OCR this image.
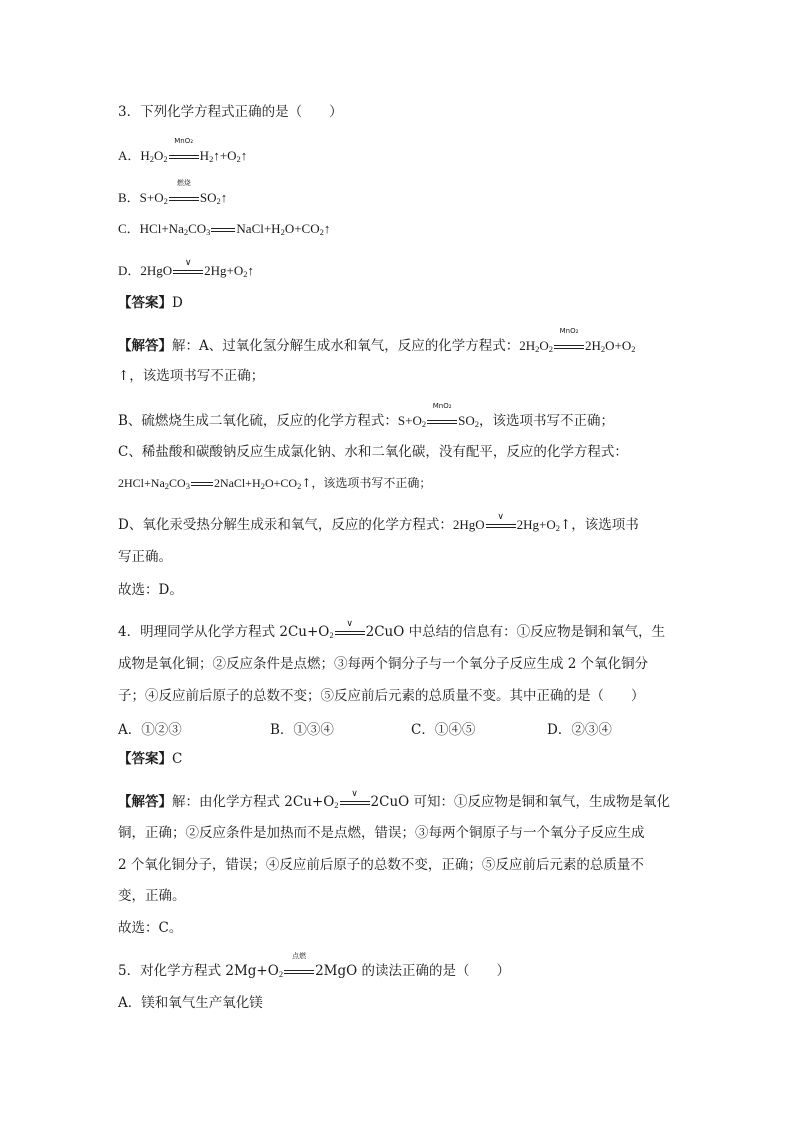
3．下列化学方程式正确的是（　　）
A．$H_2O_2$
MnO₂
$H_2↑+O_2↑$
B．$S+O_2$
燃烧
$SO_2↑$
C．$HCl+Na_2CO_3$ $NaCl+H_2O+CO_2↑$
D．2HgO	∨ $2Hg+O_2↑$
【答案】D
【解答】解：A、过氧化氢分解生成水和氧气，反应的化学方程式：$2H_2O_2$
MnO₂
$2H_2O+O_2$
↑，该选项书写不正确；
B、硫燃烧生成二氧化硫，反应的化学方程式：$S+O_2$
MnO₂
$SO_2$，该选项书写不正确；
C、稀盐酸和碳酸钠反应生成氯化钠、水和二氧化碳，没有配平，反应的化学方程式：
$2HCl+Na_2CO_3$ $2NaCl+H_2O+CO_2↑$，该选项书写不正确；
D、氧化汞受热分解生成汞和氧气，反应的化学方程式：2HgO	∨ $2Hg+O_2↑$，该选项书
写正确。
故选：D。
4．明理同学从化学方程式 $2Cu+O_2$
∨ 2CuO 中总结的信息有：①反应物是铜和氧气，生
成物是氧化铜；②反应条件是点燃；③每两个铜分子与一个氧分子反应生成 2 个氧化铜分
子；④反应前后原子的总数不变；⑤反应前后元素的总质量不变。其中正确的是（　　）
A．①②③	B．①③④	C．①④⑤	D．②③④
【答案】C
【解答】解：由化学方程式 $2Cu+O_2$
∨ 2CuO 可知：①反应物是铜和氧气，生成物是氧化
铜，正确；②反应条件是加热而不是点燃，错误；③每两个铜原子与一个氧分子反应生成
2 个氧化铜分子，错误；④反应前后原子的总数不变，正确；⑤反应前后元素的总质量不
变，正确。
故选：C。
5．对化学方程式 $2Mg+O_2$
点燃
2MgO 的读法正确的是（　　）
A．镁和氧气生产氧化镁
